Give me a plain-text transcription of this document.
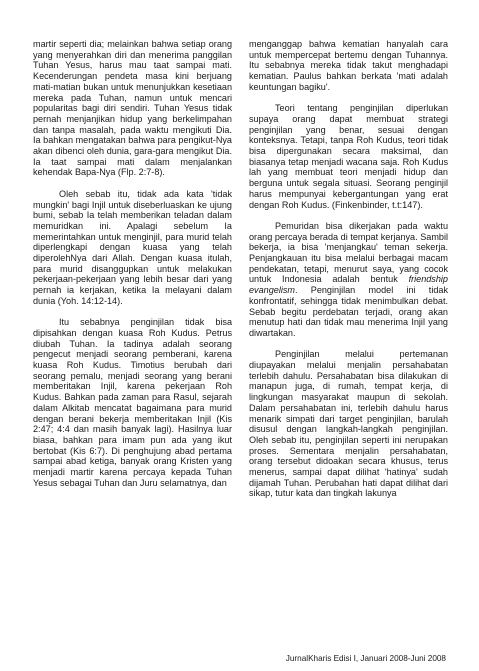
martir seperti dia; melainkan bahwa setiap orang yang menyerahkan diri dan menerima panggilan Tuhan Yesus, harus mau taat sampai mati. Kecenderungan pendeta masa kini berjuang mati-matian bukan untuk menunjukkan kesetiaan mereka pada Tuhan, namun untuk mencari popularitas bagi diri sendiri. Tuhan Yesus tidak pernah menjanjikan hidup yang berkelimpahan dan tanpa masalah, pada waktu mengikuti Dia. Ia bahkan mengatakan bahwa para pengikut-Nya akan dibenci oleh dunia, gara-gara mengikut Dia. Ia taat sampai mati dalam menjalankan kehendak Bapa-Nya (Flp. 2:7-8).

Oleh sebab itu, tidak ada kata 'tidak mungkin' bagi Injil untuk diseberluaskan ke ujung bumi, sebab Ia telah memberikan teladan dalam memuridkan ini. Apalagi sebelum Ia memerintahkan untuk menginjil, para murid telah diperlengkapi dengan kuasa yang telah diperolehNya dari Allah. Dengan kuasa itulah, para murid disanggupkan untuk melakukan pekerjaan-pekerjaan yang lebih besar dari yang pernah ia kerjakan, ketika Ia melayani dalam dunia (Yoh. 14:12-14).

Itu sebabnya penginjilan tidak bisa dipisahkan dengan kuasa Roh Kudus. Petrus diubah Tuhan. Ia tadinya adalah seorang pengecut menjadi seorang pemberani, karena kuasa Roh Kudus. Timotius berubah dari seorang pemalu, menjadi seorang yang berani memberitakan Injil, karena pekerjaan Roh Kudus. Bahkan pada zaman para Rasul, sejarah dalam Alkitab mencatat bagaimana para murid dengan berani bekerja memberitakan Injil (Kis 2:47; 4:4 dan masih banyak lagi). Hasilnya luar biasa, bahkan para imam pun ada yang ikut bertobat (Kis 6:7). Di penghujung abad pertama sampai abad ketiga, banyak orang Kristen yang menjadi martir karena percaya kepada Tuhan Yesus sebagai Tuhan dan Juru selamatnya, dan

menganggap bahwa kematian hanyalah cara untuk mempercepat bertemu dengan Tuhannya. Itu sebabnya mereka tidak takut menghadapi kematian. Paulus bahkan berkata 'mati adalah keuntungan bagiku'.

Teori tentang penginjilan diperlukan supaya orang dapat membuat strategi penginjilan yang benar, sesuai dengan konteksnya. Tetapi, tanpa Roh Kudus, teori tidak bisa dipergunakan secara maksimal, dan biasanya tetap menjadi wacana saja. Roh Kudus lah yang membuat teori menjadi hidup dan berguna untuk segala situasi. Seorang penginjil harus mempunyai kebergantungan yang erat dengan Roh Kudus. (Finkenbinder, t.t:147).

Pemuridan bisa dikerjakan pada waktu orang percaya berada di tempat kerjanya. Sambil bekerja, ia bisa 'menjangkau' teman sekerja. Penjangkauan itu bisa melalui berbagai macam pendekatan, tetapi, menurut saya, yang cocok untuk Indonesia adalah bentuk friendship evangelism. Penginjilan model ini tidak konfrontatif, sehingga tidak menimbulkan debat. Sebab begitu perdebatan terjadi, orang akan menutup hati dan tidak mau menerima Injil yang diwartakan.

Penginjilan melalui pertemanan diupayakan melalui menjalin persahabatan terlebih dahulu. Persahabatan bisa dilakukan di manapun juga, di rumah, tempat kerja, di lingkungan masyarakat maupun di sekolah. Dalam persahabatan ini, terlebih dahulu harus menarik simpati dari target penginjilan, barulah disusul dengan langkah-langkah penginjilan. Oleh sebab itu, penginjilan seperti ini nerupakan proses. Sementara menjalin persahabatan, orang tersebut didoakan secara khusus, terus menerus, sampai dapat dilihat 'hatinya' sudah dijamah Tuhan. Perubahan hati dapat dilihat dari sikap, tutur kata dan tingkah lakunya

JurnalKharis Edisi I, Januari 2008-Juni 2008
